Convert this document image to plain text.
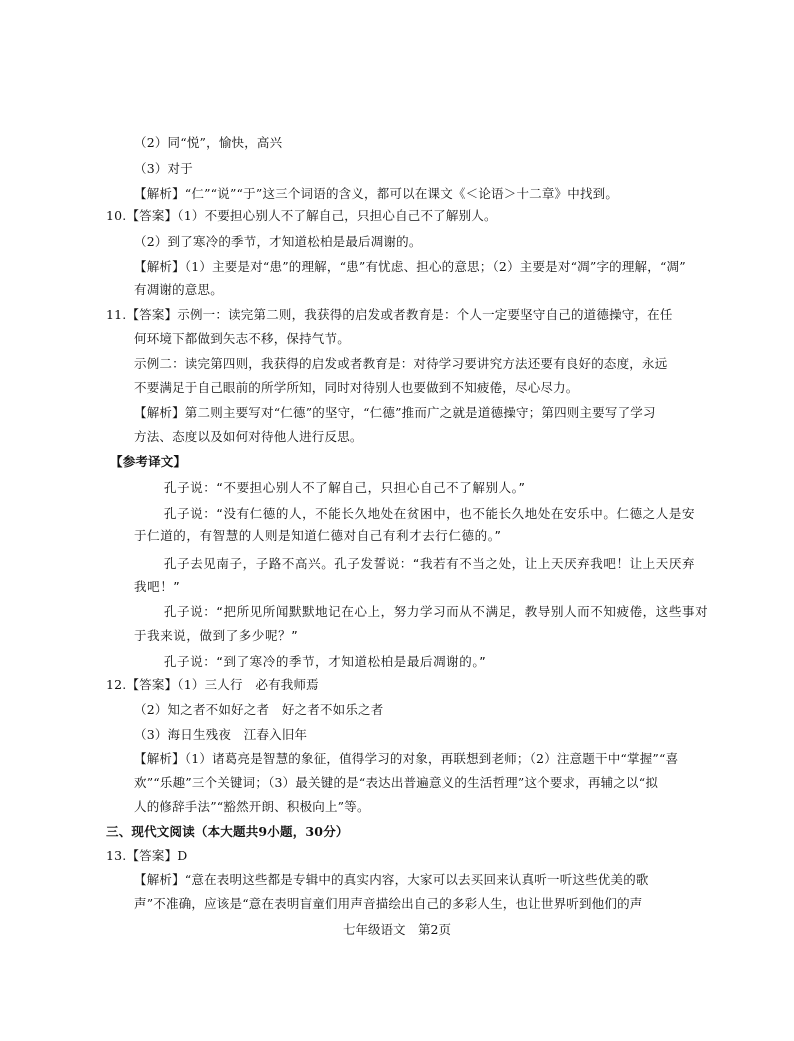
（2）同“悦”，愉快，高兴
（3）对于
【解析】“仁”“说”“于”这三个词语的含义，都可以在课文《＜论语＞十二章》中找到。
10.【答案】（1）不要担心别人不了解自己，只担心自己不了解别人。
（2）到了寒冷的季节，才知道松柏是最后凋谢的。
【解析】（1）主要是对“患”的理解，“患”有忧虑、担心的意思；（2）主要是对“凋”字的理解，“凋”
有凋谢的意思。
11.【答案】示例一：读完第二则，我获得的启发或者教育是：个人一定要坚守自己的道德操守，在任
何环境下都做到矢志不移，保持气节。
示例二：读完第四则，我获得的启发或者教育是：对待学习要讲究方法还要有良好的态度，永远
不要满足于自己眼前的所学所知，同时对待别人也要做到不知疲倦，尽心尽力。
【解析】第二则主要写对“仁德”的坚守，“仁德”推而广之就是道德操守；第四则主要写了学习
方法、态度以及如何对待他人进行反思。
【参考译文】
孔子说：“不要担心别人不了解自己，只担心自己不了解别人。”
孔子说：“没有仁德的人，不能长久地处在贫困中，也不能长久地处在安乐中。仁德之人是安
于仁道的，有智慧的人则是知道仁德对自己有利才去行仁德的。”
孔子去见南子，子路不高兴。孔子发誓说：“我若有不当之处，让上天厌弃我吧！让上天厌弃
我吧！”
孔子说：“把所见所闻默默地记在心上，努力学习而从不满足，教导别人而不知疲倦，这些事对
于我来说，做到了多少呢？”
孔子说：“到了寒冷的季节，才知道松柏是最后凋谢的。”
12.【答案】（1）三人行　必有我师焉
（2）知之者不如好之者　好之者不如乐之者
（3）海日生残夜　江春入旧年
【解析】（1）诸葛亮是智慧的象征，值得学习的对象，再联想到老师；（2）注意题干中“掌握”“喜
欢”“乐趣”三个关键词；（3）最关键的是“表达出普遍意义的生活哲理”这个要求，再辅之以“拟
人的修辞手法”“豁然开朗、积极向上”等。
三、现代文阅读（本大题共9小题，30分）
13.【答案】D
【解析】“意在表明这些都是专辑中的真实内容，大家可以去买回来认真听一听这些优美的歌
声”不准确，应该是“意在表明盲童们用声音描绘出自己的多彩人生，也让世界听到他们的声
七年级语文　第2页
